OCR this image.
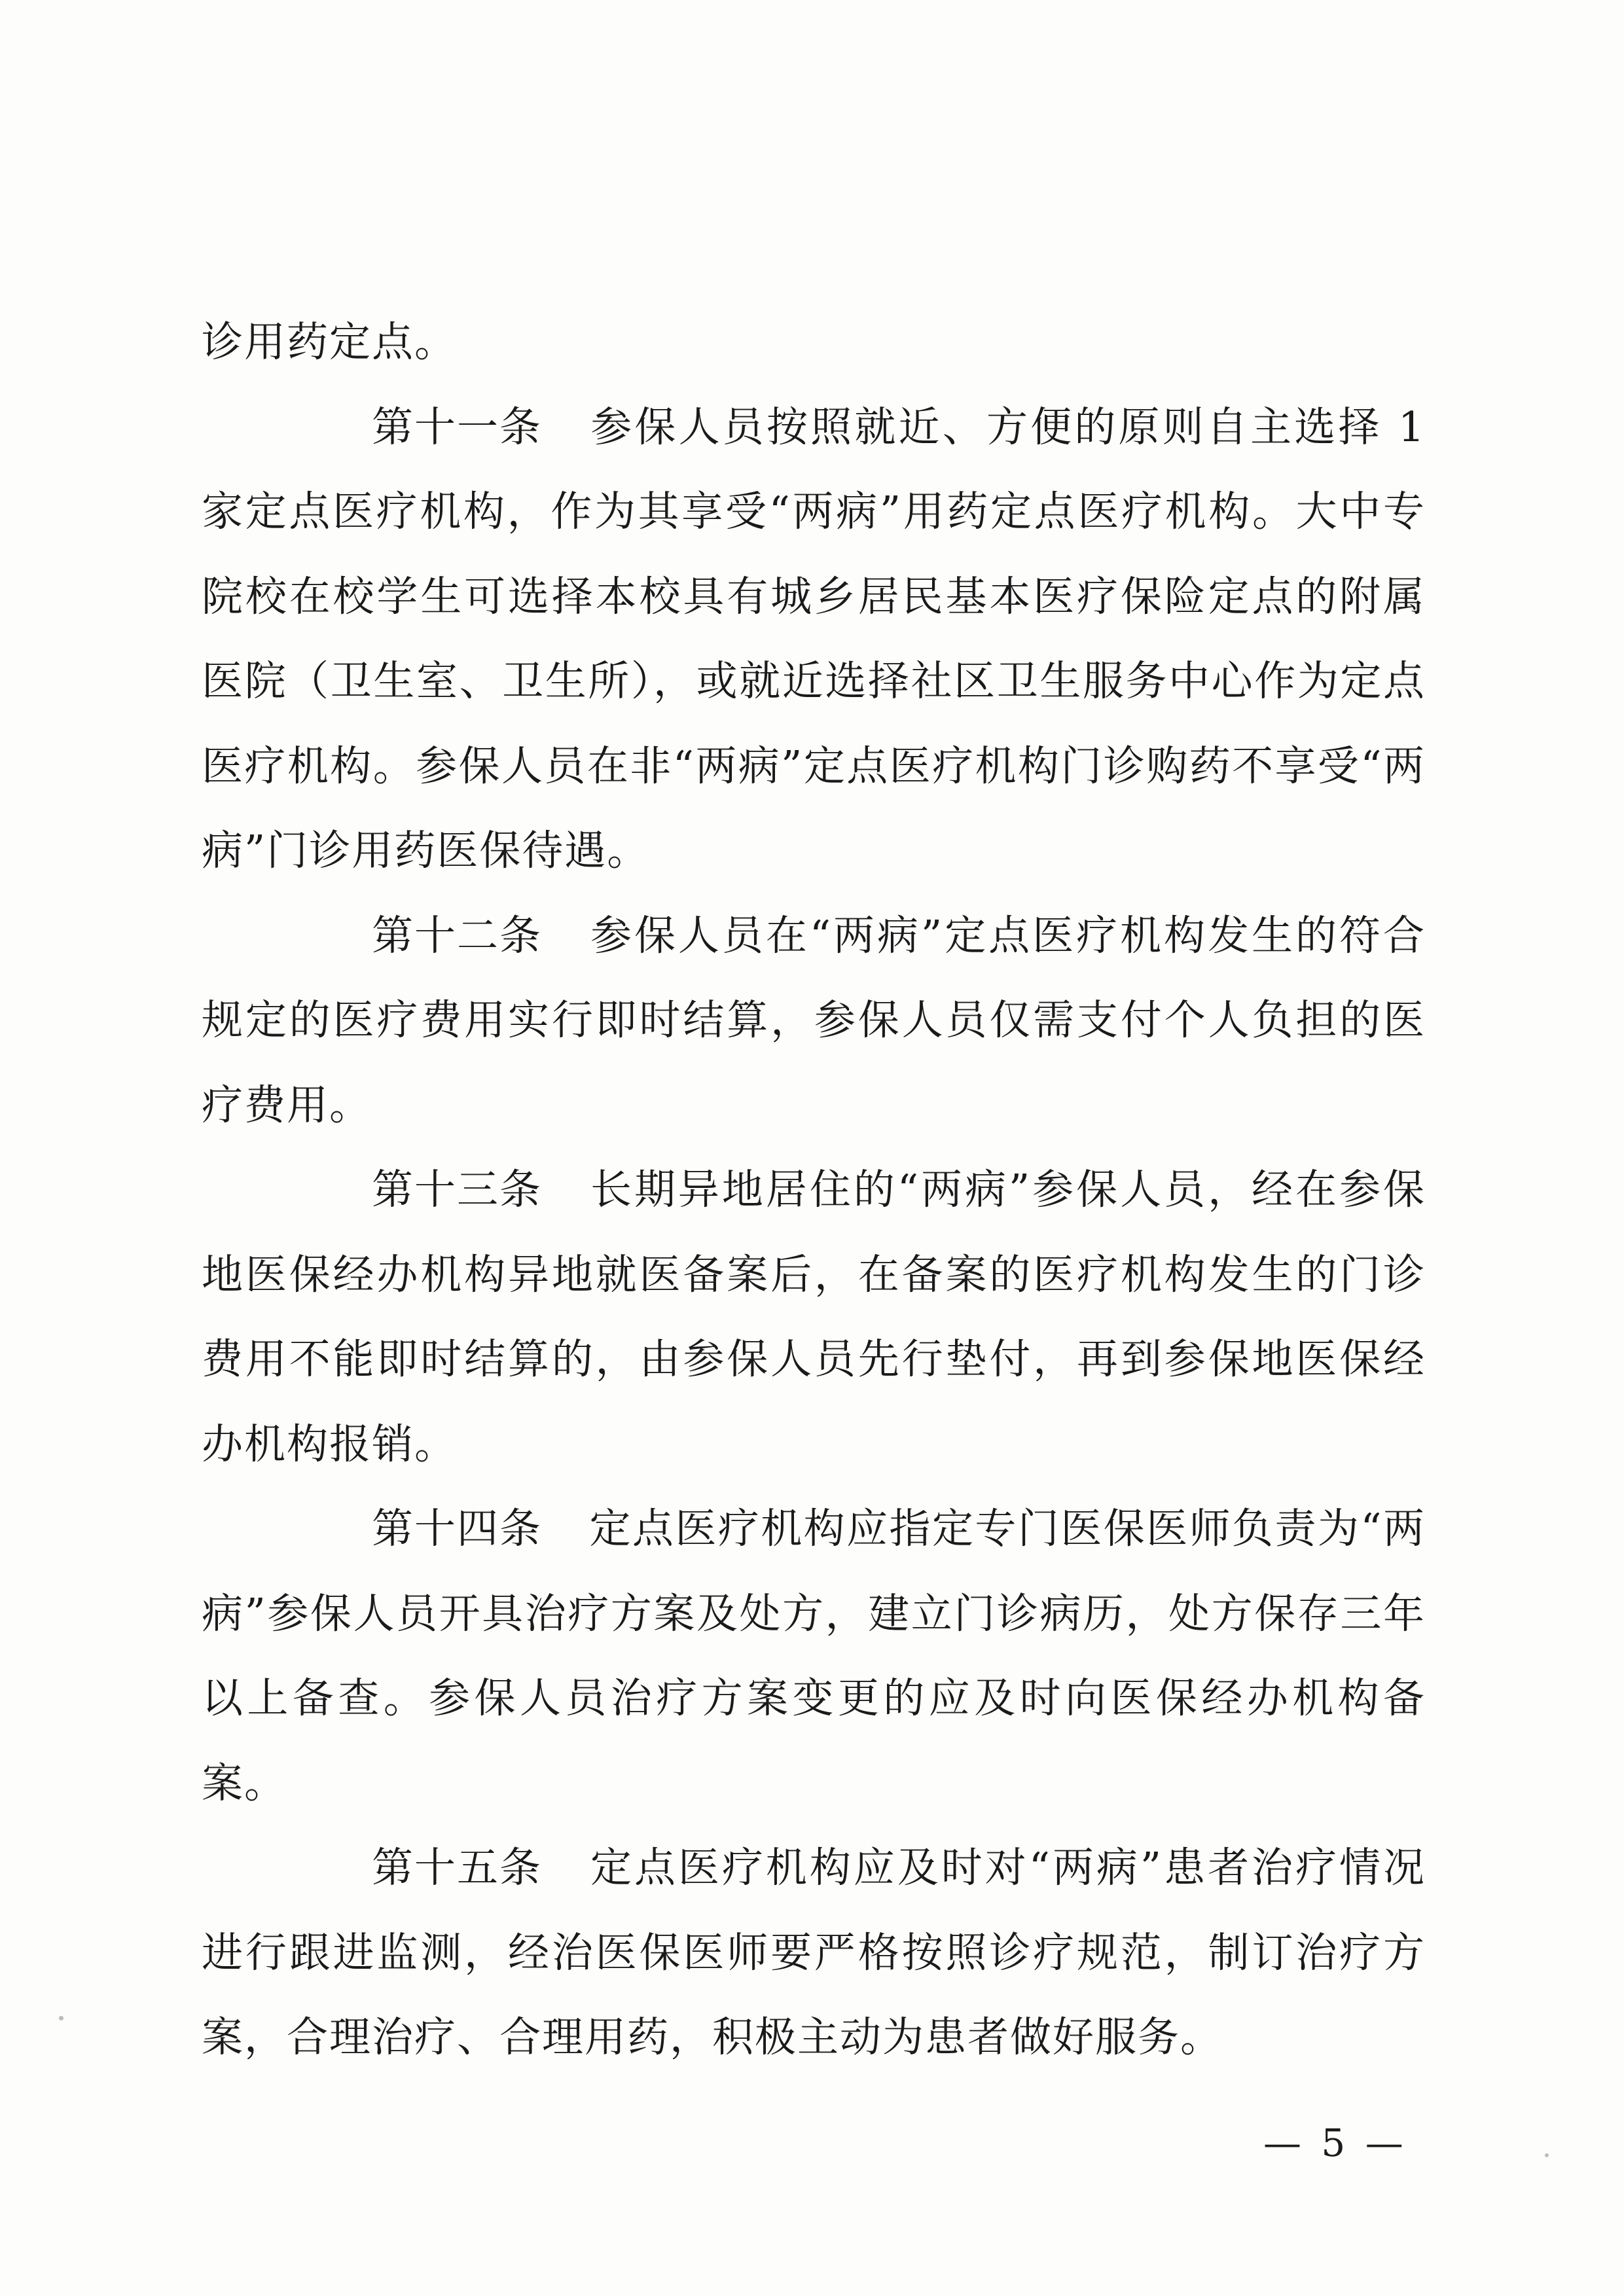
诊用药定点。

第十一条 参保人员按照就近、方便的原则自主选择 1 家定点医疗机构，作为其享受“两病”用药定点医疗机构。大中专院校在校学生可选择本校具有城乡居民基本医疗保险定点的附属医院（卫生室、卫生所），或就近选择社区卫生服务中心作为定点医疗机构。参保人员在非“两病”定点医疗机构门诊购药不享受“两病”门诊用药医保待遇。

第十二条 参保人员在“两病”定点医疗机构发生的符合规定的医疗费用实行即时结算，参保人员仅需支付个人负担的医疗费用。

第十三条 长期异地居住的“两病”参保人员，经在参保地医保经办机构异地就医备案后，在备案的医疗机构发生的门诊费用不能即时结算的，由参保人员先行垫付，再到参保地医保经办机构报销。

第十四条 定点医疗机构应指定专门医保医师负责为“两病”参保人员开具治疗方案及处方，建立门诊病历，处方保存三年以上备查。参保人员治疗方案变更的应及时向医保经办机构备案。

第十五条 定点医疗机构应及时对“两病”患者治疗情况进行跟进监测，经治医保医师要严格按照诊疗规范，制订治疗方案，合理治疗、合理用药，积极主动为患者做好服务。

— 5 —
